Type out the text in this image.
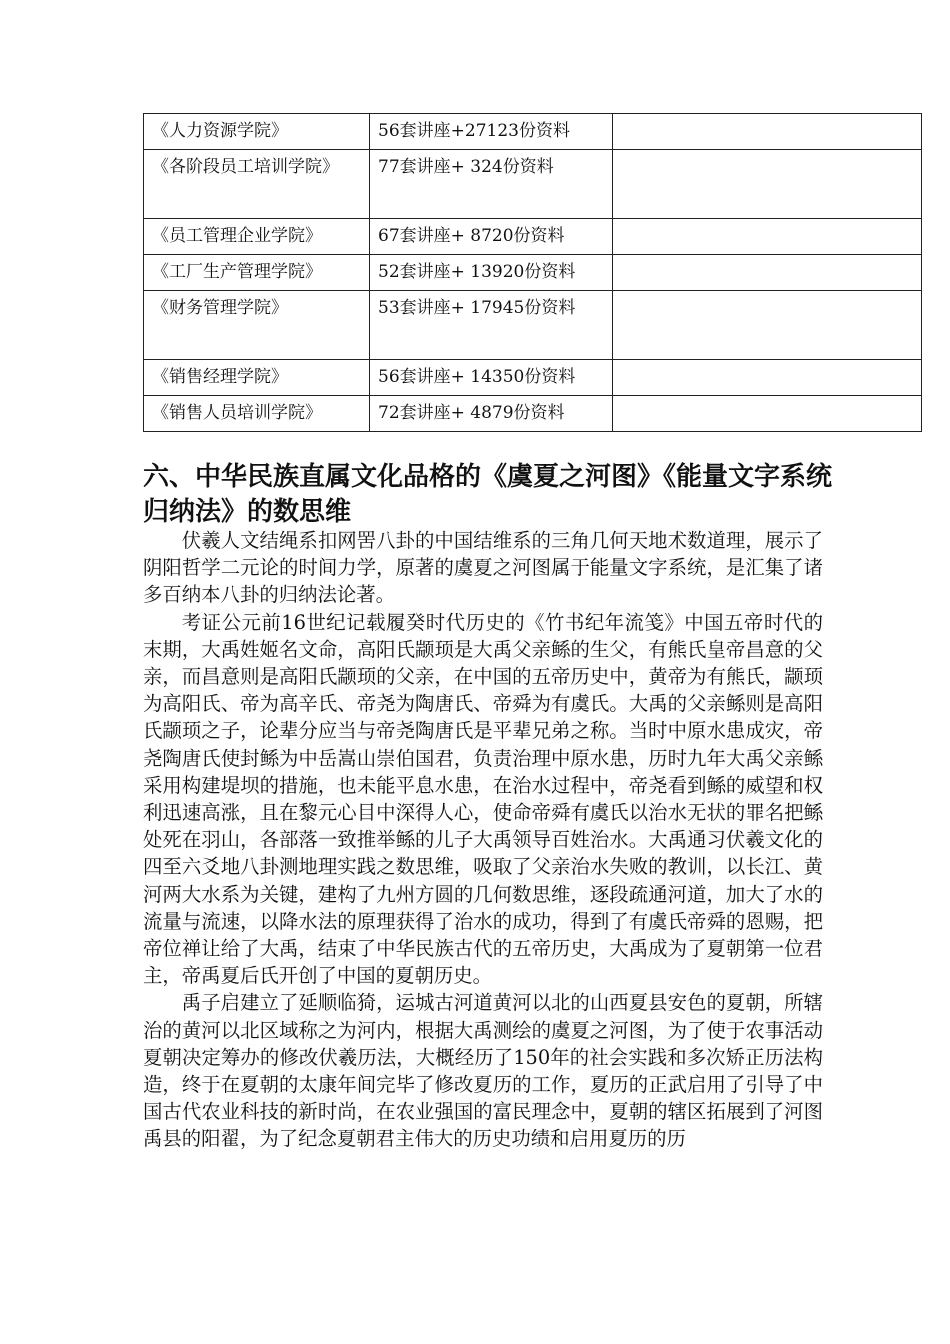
《人力资源学院》	56套讲座+27123份资料	
《各阶段员工培训学院》	77套讲座+ 324份资料	
《员工管理企业学院》	67套讲座+ 8720份资料	
《工厂生产管理学院》	52套讲座+ 13920份资料	
《财务管理学院》	53套讲座+ 17945份资料	
《销售经理学院》	56套讲座+ 14350份资料	
《销售人员培训学院》	72套讲座+ 4879份资料	
六、中华民族直属文化品格的《虞夏之河图》《能量文字系统归纳法》的数思维

伏羲人文结绳系扣网罟八卦的中国结维系的三角几何天地术数道理，展示了阴阳哲学二元论的时间力学，原著的虞夏之河图属于能量文字系统，是汇集了诸多百纳本八卦的归纳法论著。

考证公元前16世纪记载履癸时代历史的《竹书纪年流笺》中国五帝时代的末期，大禹姓姬名文命，高阳氏颛顼是大禹父亲鲧的生父，有熊氏皇帝昌意的父亲，而昌意则是高阳氏颛顼的父亲，在中国的五帝历史中，黄帝为有熊氏，颛顼为高阳氏、帝为高辛氏、帝尧为陶唐氏、帝舜为有虞氏。大禹的父亲鲧则是高阳氏颛顼之子，论辈分应当与帝尧陶唐氏是平辈兄弟之称。当时中原水患成灾，帝尧陶唐氏使封鲧为中岳嵩山崇伯国君，负责治理中原水患，历时九年大禹父亲鲧采用构建堤坝的措施，也未能平息水患，在治水过程中，帝尧看到鲧的威望和权利迅速高涨，且在黎元心目中深得人心，使命帝舜有虞氏以治水无状的罪名把鲧处死在羽山，各部落一致推举鲧的儿子大禹领导百姓治水。大禹通习伏羲文化的四至六爻地八卦测地理实践之数思维，吸取了父亲治水失败的教训，以长江、黄河两大水系为关键，建构了九州方圆的几何数思维，逐段疏通河道，加大了水的流量与流速，以降水法的原理获得了治水的成功，得到了有虞氏帝舜的恩赐，把帝位禅让给了大禹，结束了中华民族古代的五帝历史，大禹成为了夏朝第一位君主，帝禹夏后氏开创了中国的夏朝历史。

禹子启建立了延顺临猗，运城古河道黄河以北的山西夏县安色的夏朝，所辖治的黄河以北区域称之为河内，根据大禹测绘的虞夏之河图，为了使于农事活动夏朝决定筹办的修改伏羲历法，大概经历了150年的社会实践和多次矫正历法构造，终于在夏朝的太康年间完毕了修改夏历的工作，夏历的正武启用了引导了中国古代农业科技的新时尚，在农业强国的富民理念中，夏朝的辖区拓展到了河图禹县的阳翟，为了纪念夏朝君主伟大的历史功绩和启用夏历的历
